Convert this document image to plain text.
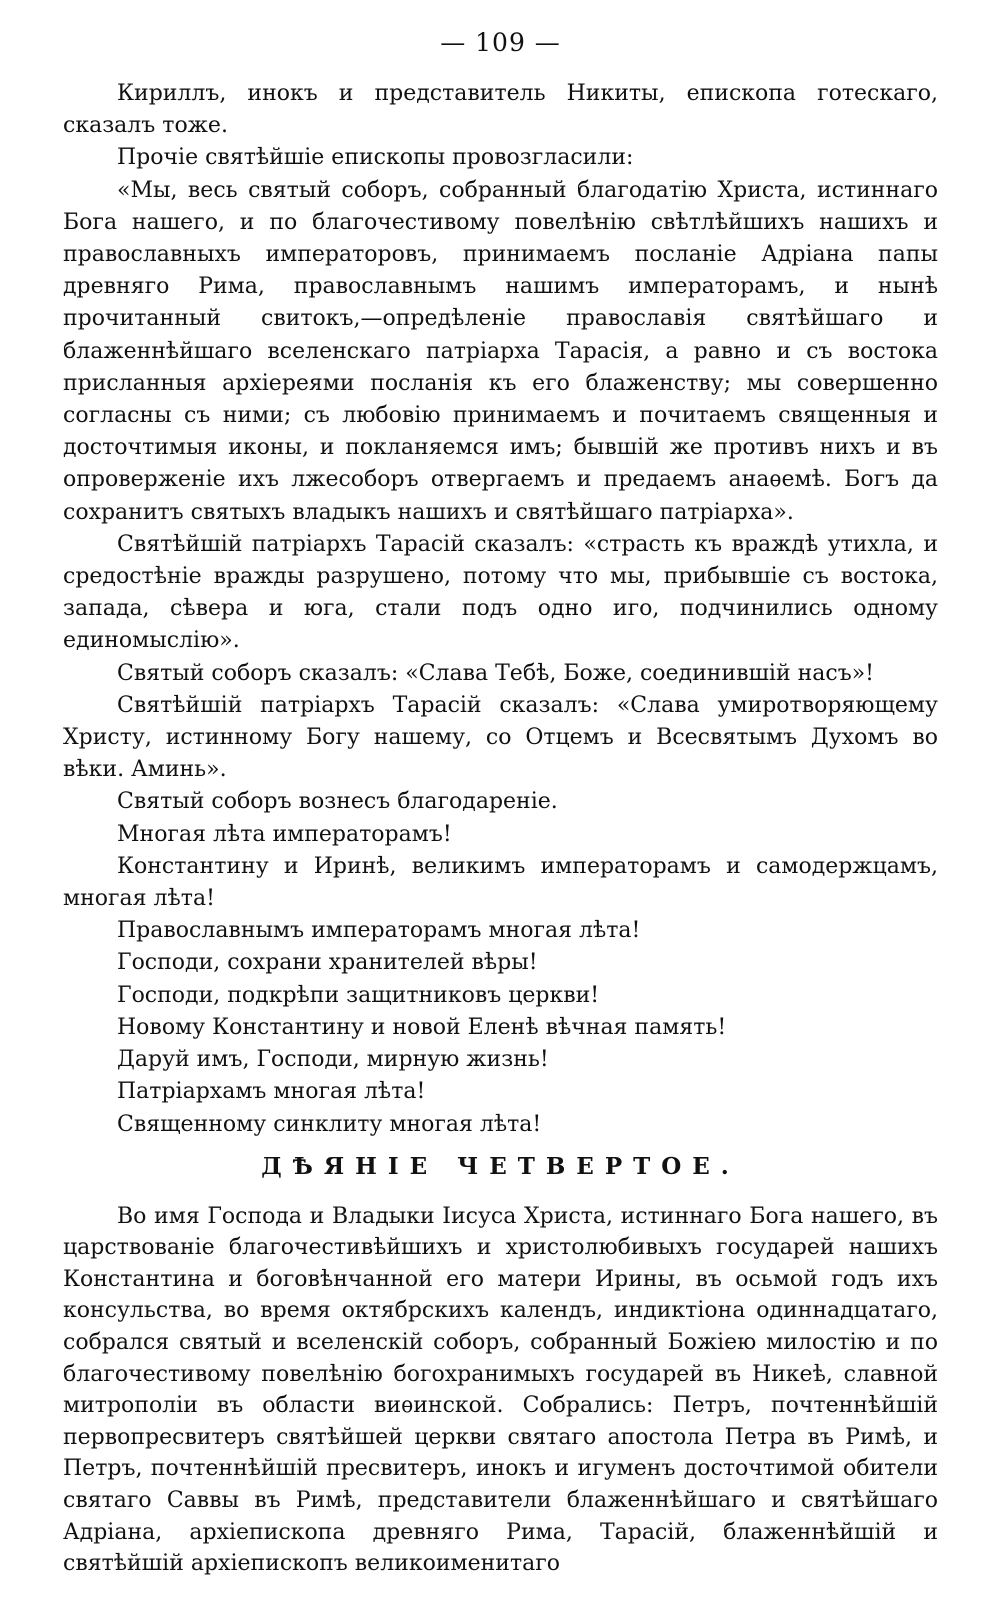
— 109 —

Кириллъ, инокъ и представитель Никиты, епископа готескаго, сказалъ тоже.

Прочіе святѣйшіе епископы провозгласили:

«Мы, весь святый соборъ, собранный благодатію Христа, истиннаго Бога нашего, и по благочестивому повелѣнію свѣтлѣйшихъ нашихъ и православныхъ императоровъ, принимаемъ посланіе Адріана папы древняго Рима, православнымъ нашимъ императорамъ, и нынѣ прочитанный свитокъ,—опредѣленіе православія святѣйшаго и блаженнѣйшаго вселенскаго патріарха Тарасія, а равно и съ востока присланныя архіереями посланія къ его блаженству; мы совершенно согласны съ ними; съ любовію принимаемъ и почитаемъ священныя и досточтимыя иконы, и покланяемся имъ; бывшій же противъ нихъ и въ опроверженіе ихъ лжесоборъ отвергаемъ и предаемъ анаѳемѣ. Богъ да сохранитъ святыхъ владыкъ нашихъ и святѣйшаго патріарха».

Святѣйшій патріархъ Тарасій сказалъ: «страсть къ враждѣ утихла, и средостѣніе вражды разрушено, потому что мы, прибывшіе съ востока, запада, сѣвера и юга, стали подъ одно иго, подчинились одному единомыслію».

Святый соборъ сказалъ: «Слава Тебѣ, Боже, соединившій насъ»!

Святѣйшій патріархъ Тарасій сказалъ: «Слава умиротворяющему Христу, истинному Богу нашему, со Отцемъ и Всесвятымъ Духомъ во вѣки. Аминь».

Святый соборъ вознесъ благодареніе.

Многая лѣта императорамъ!

Константину и Иринѣ, великимъ императорамъ и самодержцамъ, многая лѣта!

Православнымъ императорамъ многая лѣта!

Господи, сохрани хранителей вѣры!

Господи, подкрѣпи защитниковъ церкви!

Новому Константину и новой Еленѣ вѣчная память!

Даруй имъ, Господи, мирную жизнь!

Патріархамъ многая лѣта!

Священному синклиту многая лѣта!

ДѢЯНІЕ ЧЕТВЕРТОЕ.

Во имя Господа и Владыки Іисуса Христа, истиннаго Бога нашего, въ царствованіе благочестивѣйшихъ и христолюбивыхъ государей нашихъ Константина и боговѣнчанной его матери Ирины, въ осьмой годъ ихъ консульства, во время октябрскихъ календъ, индиктіона одиннадцатаго, собрался святый и вселенскій соборъ, собранный Божіею милостію и по благочестивому повелѣнію богохранимыхъ государей въ Никеѣ, славной митрополіи въ области виѳинской. Собрались: Петръ, почтеннѣйшій первопресвитеръ святѣйшей церкви святаго апостола Петра въ Римѣ, и Петръ, почтеннѣйшій пресвитеръ, инокъ и игуменъ досточтимой обители святаго Саввы въ Римѣ, представители блаженнѣйшаго и святѣйшаго Адріана, архіепископа древняго Рима, Тарасій, блаженнѣйшій и святѣйшій архіепископъ великоименитаго
